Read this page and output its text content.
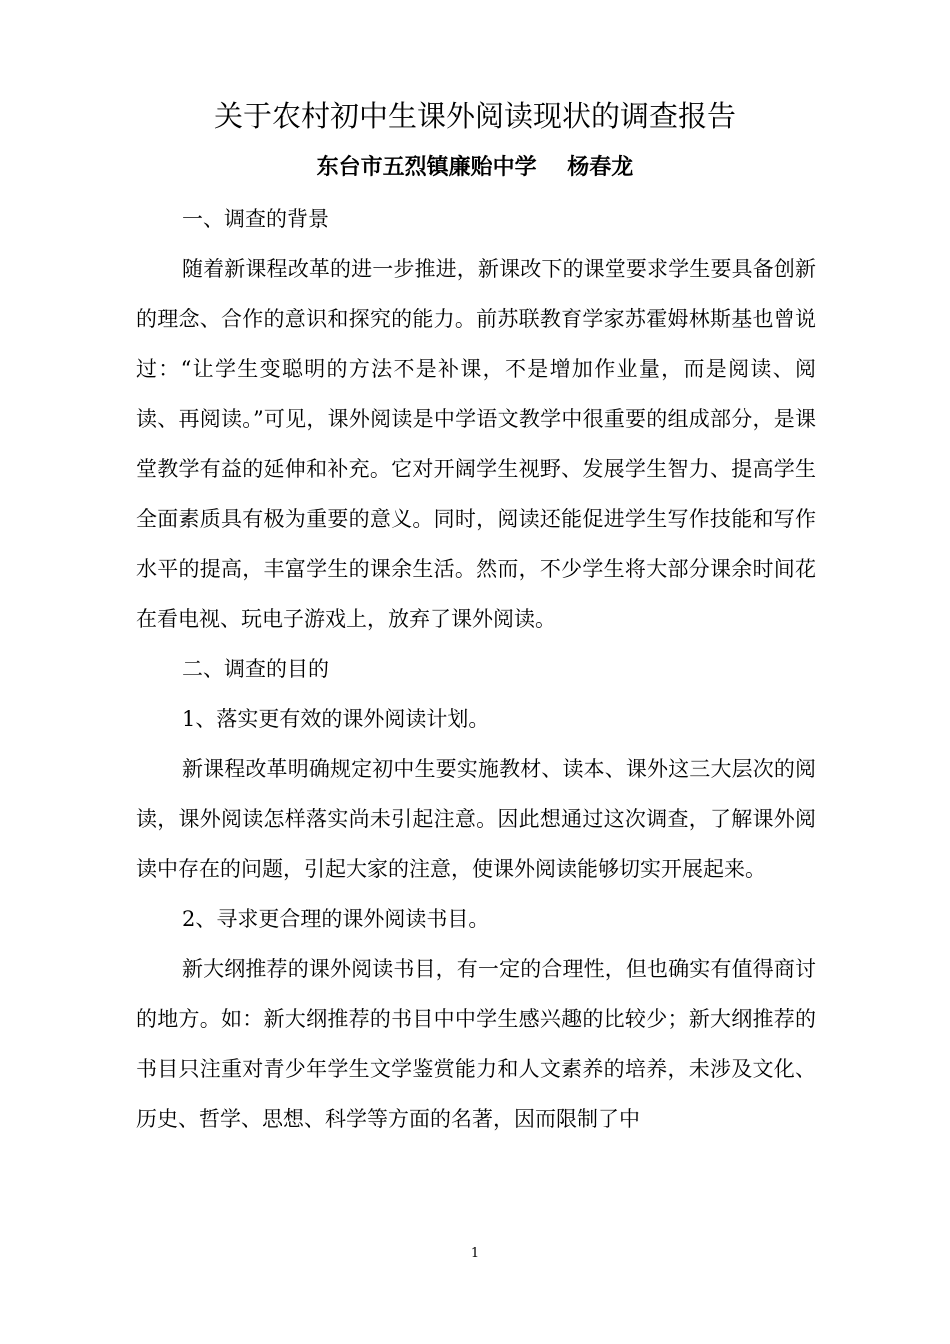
关于农村初中生课外阅读现状的调查报告
东台市五烈镇廉贻中学    杨春龙

一、调查的背景

随着新课程改革的进一步推进，新课改下的课堂要求学生要具备创新的理念、合作的意识和探究的能力。前苏联教育学家苏霍姆林斯基也曾说过：“让学生变聪明的方法不是补课，不是增加作业量，而是阅读、阅读、再阅读。”可见，课外阅读是中学语文教学中很重要的组成部分，是课堂教学有益的延伸和补充。它对开阔学生视野、发展学生智力、提高学生全面素质具有极为重要的意义。同时，阅读还能促进学生写作技能和写作水平的提高，丰富学生的课余生活。然而，不少学生将大部分课余时间花在看电视、玩电子游戏上，放弃了课外阅读。

二、调查的目的

1、落实更有效的课外阅读计划。

新课程改革明确规定初中生要实施教材、读本、课外这三大层次的阅读，课外阅读怎样落实尚未引起注意。因此想通过这次调查，了解课外阅读中存在的问题，引起大家的注意，使课外阅读能够切实开展起来。

2、寻求更合理的课外阅读书目。

新大纲推荐的课外阅读书目，有一定的合理性，但也确实有值得商讨的地方。如：新大纲推荐的书目中中学生感兴趣的比较少；新大纲推荐的书目只注重对青少年学生文学鉴赏能力和人文素养的培养，未涉及文化、历史、哲学、思想、科学等方面的名著，因而限制了中

1
